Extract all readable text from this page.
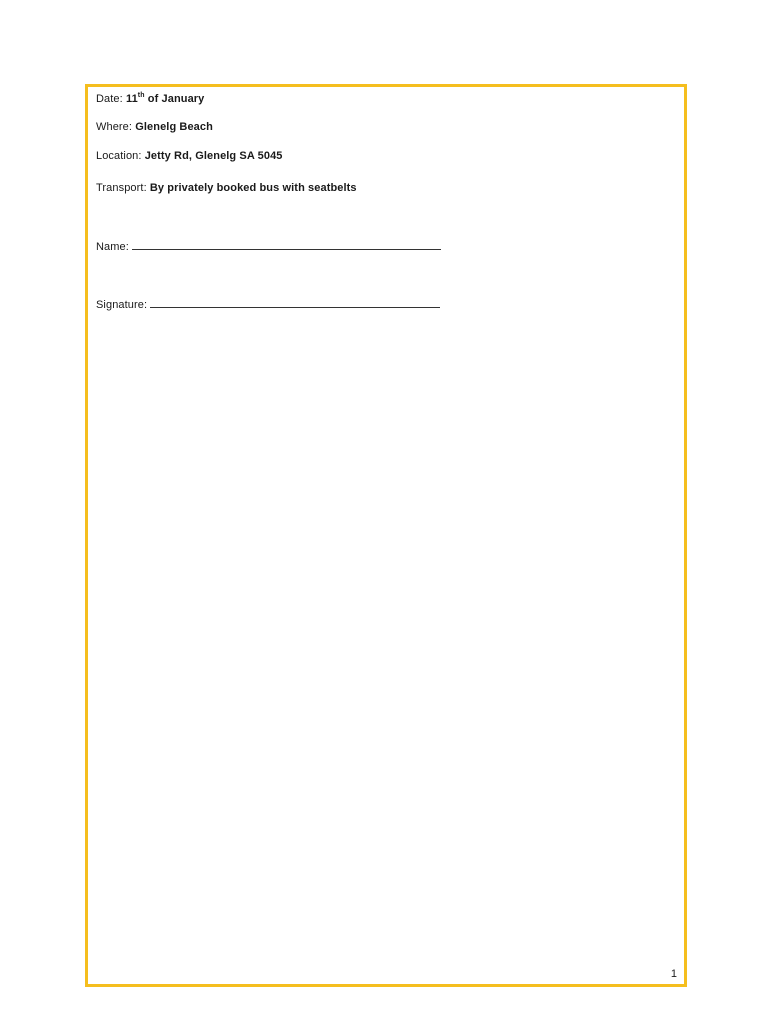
Date: 11th of January
Where: Glenelg Beach
Location: Jetty Rd, Glenelg SA 5045
Transport: By privately booked bus with seatbelts
Name:
Signature:
1
